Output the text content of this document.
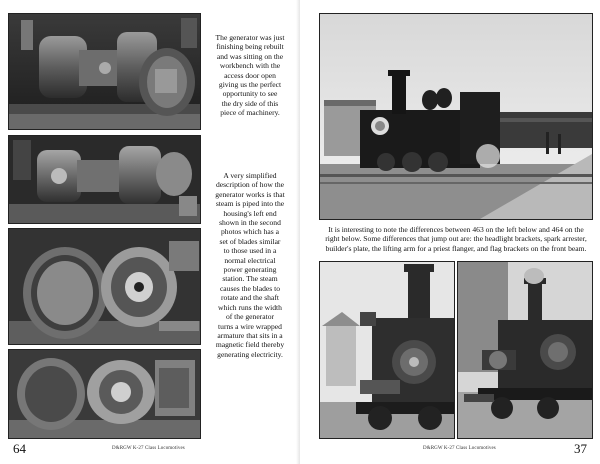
The generator was just
finishing being rebuilt
and was sitting on the
workbench with the
access door open
giving us the perfect
opportunity to see
the dry side of this
piece of machinery.
A very simplified
description of how the
generator works is that
steam is piped into the
housing's left end
shown in the second
photos which has a
set of blades similar
to those used in a
normal electrical
power generating
station. The steam
causes the blades to
rotate and the shaft
which runs the width
of the generator
turns a wire wrapped
armature that sits in a
magnetic field thereby
generating electricity.
64	D&RGW K-27 Class Locomotives
It is interesting to note the differences between 463 on the left below and 464 on the right below. Some differences that jump out are: the headlight brackets, spark arrester, builder's plate, the lifting arm for a priest flanger, and flag brackets on the front beam.
37
D&RGW K-27 Class Locomotives
